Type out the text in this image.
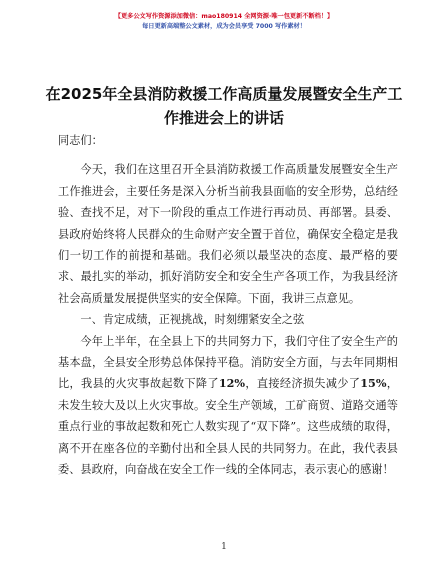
【更多公文写作资源添加微信：mao180914 全网资源·唯一包更新不断档！】
每日更新高端整公文素材，成为会员享受 7000 写作素材！
在2025年全县消防救援工作高质量发展暨安全生产工作推进会上的讲话

同志们：

今天，我们在这里召开全县消防救援工作高质量发展暨安全生产工作推进会，主要任务是深入分析当前我县面临的安全形势，总结经验、查找不足，对下一阶段的重点工作进行再动员、再部署。县委、县政府始终将人民群众的生命财产安全置于首位，确保安全稳定是我们一切工作的前提和基础。我们必须以最坚决的态度、最严格的要求、最扎实的举动，抓好消防安全和安全生产各项工作，为我县经济社会高质量发展提供坚实的安全保障。下面，我讲三点意见。

一、肯定成绩，正视挑战，时刻绷紧安全之弦

今年上半年，在全县上下的共同努力下，我们守住了安全生产的基本盘，全县安全形势总体保持平稳。消防安全方面，与去年同期相比，我县的火灾事故起数下降了12%，直接经济损失减少了15%，未发生较大及以上火灾事故。安全生产领域，工矿商贸、道路交通等重点行业的事故起数和死亡人数实现了“双下降”。这些成绩的取得，离不开在座各位的辛勤付出和全县人民的共同努力。在此，我代表县委、县政府，向奋战在安全工作一线的全体同志，表示衷心的感谢！

1
